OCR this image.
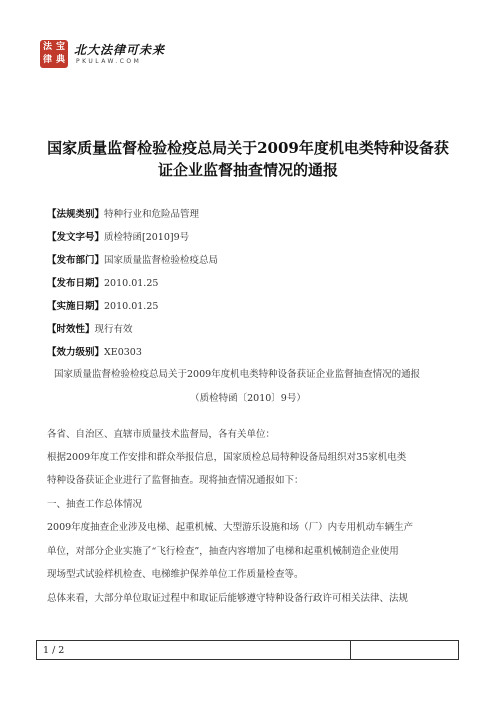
法 宝
律 典
北大法律可未来
PKULAW.COM
国家质量监督检验检疫总局关于2009年度机电类特种设备获
证企业监督抽查情况的通报
【法规类别】特种行业和危险品管理
【发文字号】质检特函[2010]9号
【发布部门】国家质量监督检验检疫总局
【发布日期】2010.01.25
【实施日期】2010.01.25
【时效性】现行有效
【效力级别】XE0303
国家质量监督检验检疫总局关于2009年度机电类特种设备获证企业监督抽查情况的通报
（质检特函〔2010〕9号）
各省、自治区、直辖市质量技术监督局，各有关单位：
根据2009年度工作安排和群众举报信息，国家质检总局特种设备局组织对35家机电类
特种设备获证企业进行了监督抽查。现将抽查情况通报如下：
一、抽查工作总体情况
2009年度抽查企业涉及电梯、起重机械、大型游乐设施和场（厂）内专用机动车辆生产
单位，对部分企业实施了“飞行检查”，抽查内容增加了电梯和起重机械制造企业使用
现场型式试验样机检查、电梯维护保养单位工作质量检查等。
总体来看，大部分单位取证过程中和取证后能够遵守特种设备行政许可相关法律、法规
1 / 2
